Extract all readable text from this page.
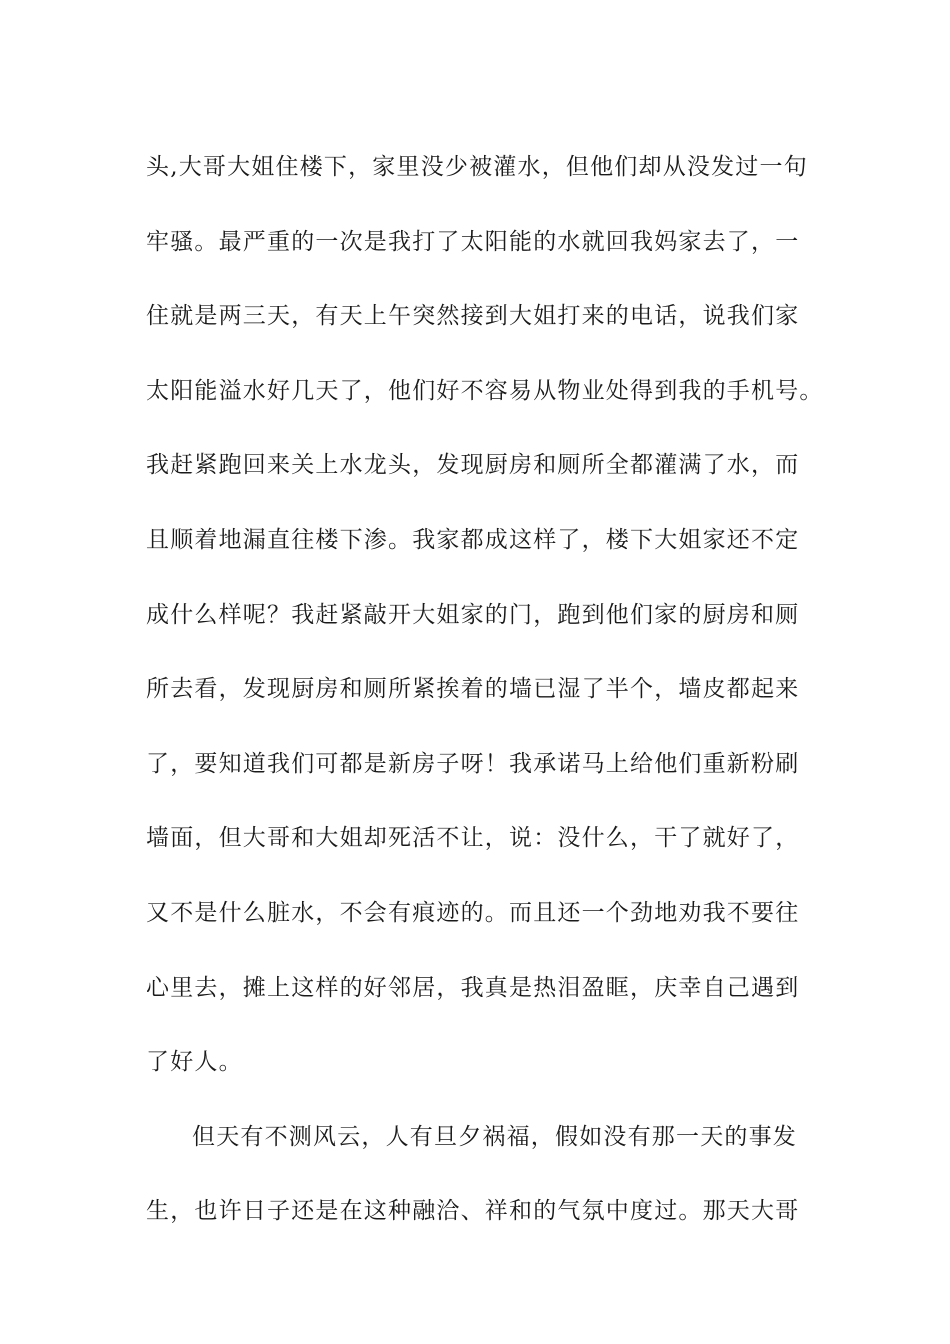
头,大哥大姐住楼下，家里没少被灌水，但他们却从没发过一句
牢骚。最严重的一次是我打了太阳能的水就回我妈家去了，一
住就是两三天，有天上午突然接到大姐打来的电话，说我们家
太阳能溢水好几天了，他们好不容易从物业处得到我的手机号。
我赶紧跑回来关上水龙头，发现厨房和厕所全都灌满了水，而
且顺着地漏直往楼下渗。我家都成这样了，楼下大姐家还不定
成什么样呢？我赶紧敲开大姐家的门，跑到他们家的厨房和厕
所去看，发现厨房和厕所紧挨着的墙已湿了半个，墙皮都起来
了，要知道我们可都是新房子呀！我承诺马上给他们重新粉刷
墙面，但大哥和大姐却死活不让，说：没什么，干了就好了，
又不是什么脏水，不会有痕迹的。而且还一个劲地劝我不要往
心里去，摊上这样的好邻居，我真是热泪盈眶，庆幸自己遇到
了好人。
但天有不测风云，人有旦夕祸福，假如没有那一天的事发
生，也许日子还是在这种融洽、祥和的气氛中度过。那天大哥
